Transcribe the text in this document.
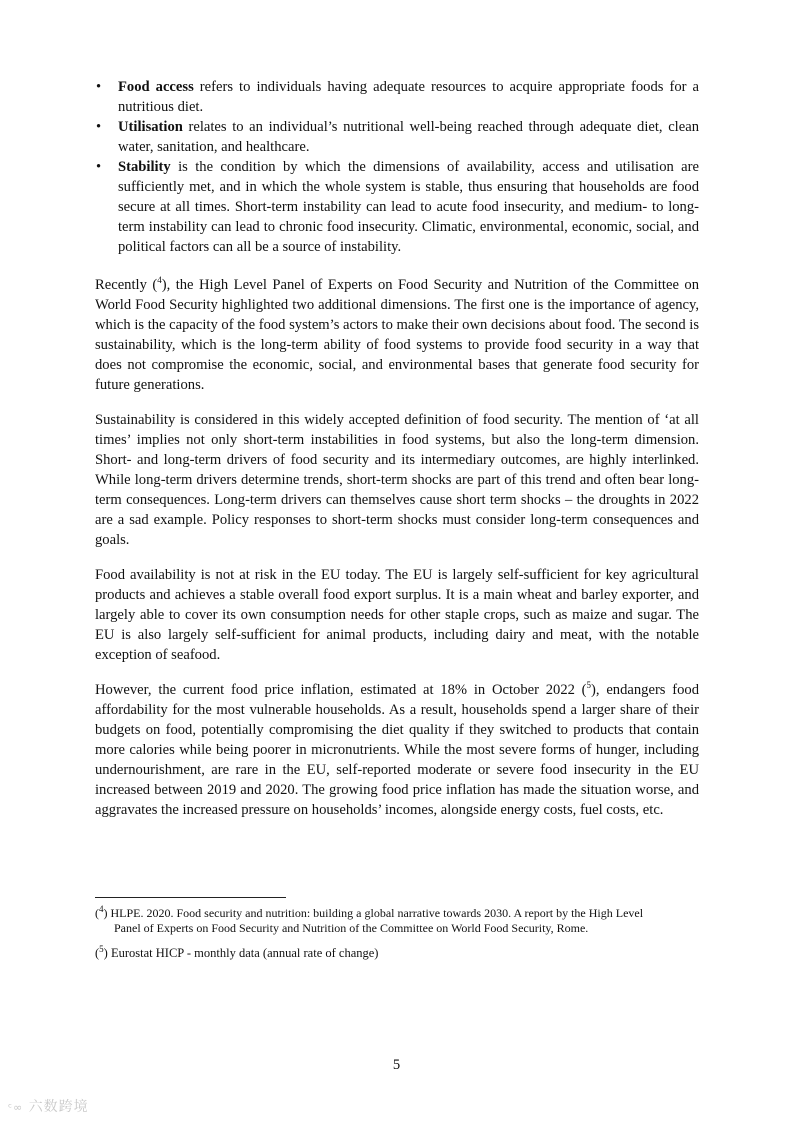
• Food access refers to individuals having adequate resources to acquire appropriate foods for a nutritious diet.
• Utilisation relates to an individual’s nutritional well-being reached through adequate diet, clean water, sanitation, and healthcare.
• Stability is the condition by which the dimensions of availability, access and utilisation are sufficiently met, and in which the whole system is stable, thus ensuring that households are food secure at all times. Short-term instability can lead to acute food insecurity, and medium- to long-term instability can lead to chronic food insecurity. Climatic, environmental, economic, social, and political factors can all be a source of instability.

Recently ($^4$), the High Level Panel of Experts on Food Security and Nutrition of the Committee on World Food Security highlighted two additional dimensions. The first one is the importance of agency, which is the capacity of the food system’s actors to make their own decisions about food. The second is sustainability, which is the long-term ability of food systems to provide food security in a way that does not compromise the economic, social, and environmental bases that generate food security for future generations.

Sustainability is considered in this widely accepted definition of food security. The mention of ‘at all times’ implies not only short-term instabilities in food systems, but also the long-term dimension. Short- and long-term drivers of food security and its intermediary outcomes, are highly interlinked. While long-term drivers determine trends, short-term shocks are part of this trend and often bear long-term consequences. Long-term drivers can themselves cause short term shocks – the droughts in 2022 are a sad example. Policy responses to short-term shocks must consider long-term consequences and goals.

Food availability is not at risk in the EU today. The EU is largely self-sufficient for key agricultural products and achieves a stable overall food export surplus. It is a main wheat and barley exporter, and largely able to cover its own consumption needs for other staple crops, such as maize and sugar. The EU is also largely self-sufficient for animal products, including dairy and meat, with the notable exception of seafood.

However, the current food price inflation, estimated at 18% in October 2022 ($^5$), endangers food affordability for the most vulnerable households. As a result, households spend a larger share of their budgets on food, potentially compromising the diet quality if they switched to products that contain more calories while being poorer in micronutrients. While the most severe forms of hunger, including undernourishment, are rare in the EU, self-reported moderate or severe food insecurity in the EU increased between 2019 and 2020. The growing food price inflation has made the situation worse, and aggravates the increased pressure on households’ incomes, alongside energy costs, fuel costs, etc.

($^4$) HLPE. 2020. Food security and nutrition: building a global narrative towards 2030. A report by the High Level
Panel of Experts on Food Security and Nutrition of the Committee on World Food Security, Rome.
($^5$) Eurostat HICP - monthly data (annual rate of change)
5
ᶜ∞ 六数跨境
